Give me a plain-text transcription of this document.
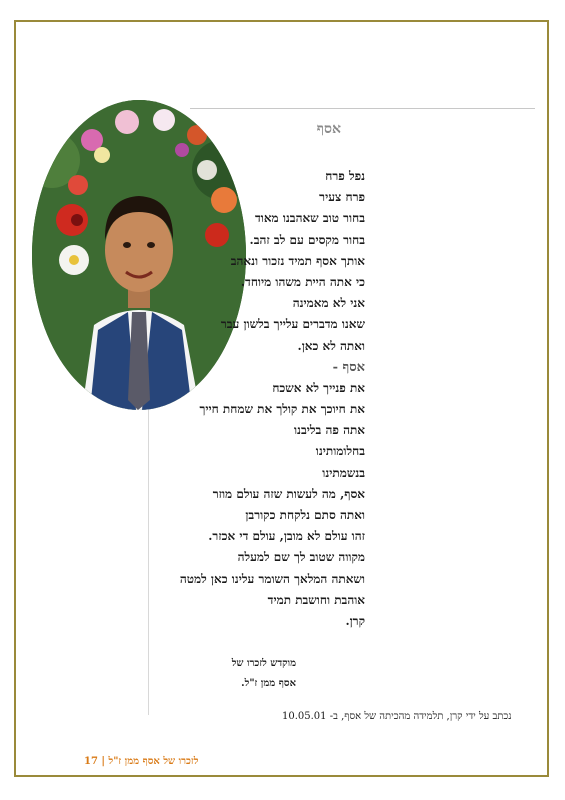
אסף
נפל פרח
פרח צעיר
בחור טוב שאהבנו מאוד
בחור מקסים עם לב זהב.
אותך אסף תמיד נזכור ונאהב
כי אתה היית משהו מיוחד.
אני לא מאמינה
שאנו מדברים עלייך בלשון עבר
ואתה לא כאן.
אסף -
את פנייך לא אשכח
את חיוכך את קולך את שמחת חייך
אתה פה בליבנו
בחלומותינו
בנשמתינו
אסף, מה לעשות שזה עולם מוזר
ואתה סתם נלקחת כקורבן
זהו עולם לא מובן, עולם די אכזר.
מקווה שטוב לך שם למעלה
ושאתה המלאך השומר עלינו כאן למטה
אוהבת וחושבת תמיד
קרן.
מוקדש לזכרו של
אסף ממן ז"ל.
נכתב על ידי קרן, תלמידה מהכיתה של אסף, ב- 10.05.01
לזכרו של אסף ממן ז"ל | 17
